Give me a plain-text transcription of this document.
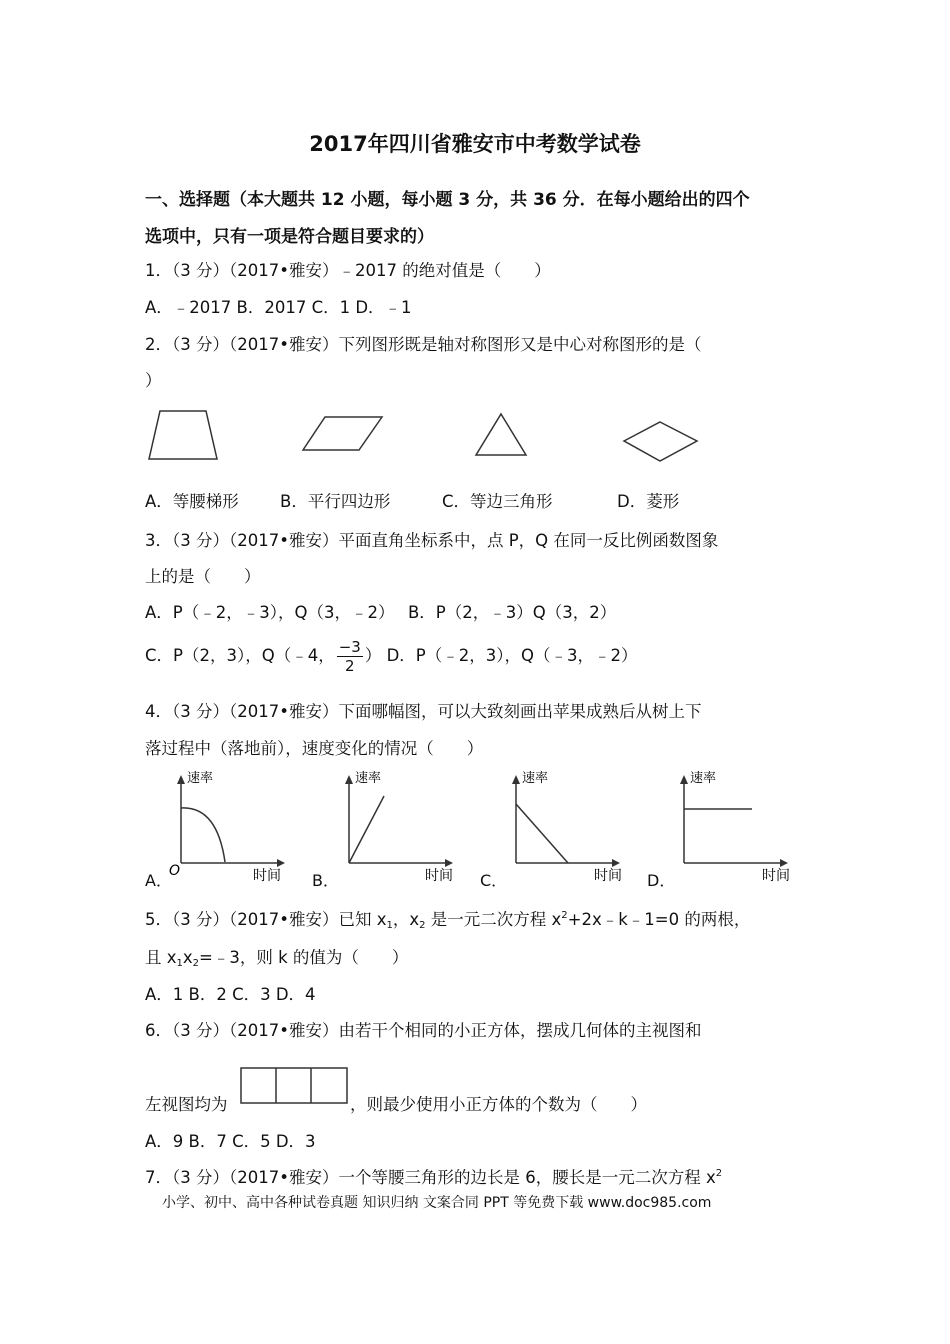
2017年四川省雅安市中考数学试卷
一、选择题（本大题共 12 小题，每小题 3 分，共 36 分．在每小题给出的四个
选项中，只有一项是符合题目要求的）
1．（3 分）（2017•雅安）﹣2017 的绝对值是（　　）
A．﹣2017 B．2017 C．1 D．﹣1
2．（3 分）（2017•雅安）下列图形既是轴对称图形又是中心对称图形的是（
）
A．等腰梯形 B．平行四边形	C．等边三角形	D．菱形
3．（3 分）（2017•雅安）平面直角坐标系中，点 P，Q 在同一反比例函数图象
上的是（　　）
A．P（﹣2，﹣3），Q（3，﹣2）　 B．P（2，﹣3）Q（3，2）
C．P（2，3），Q（﹣4， $\frac{-3}{2}$ ） D．P（﹣2，3），Q（﹣3，﹣2）
4．（3 分）（2017•雅安）下面哪幅图，可以大致刻画出苹果成熟后从树上下
落过程中（落地前），速度变化的情况（　　）
A．
速率
时间
O	B．
速率
时间 C．
速率
时间 D．
速率
时间
5．（3 分）（2017•雅安）已知 $x_1$，$x_2$ 是一元二次方程 $x^2+2x﹣k﹣1=0$ 的两根，
且 $x_1x_2=﹣3$，则 k 的值为（　　）
A．1 B．2 C．3 D．4
6．（3 分）（2017•雅安）由若干个相同的小正方体，摆成几何体的主视图和
左视图均为	，则最少使用小正方体的个数为（　　）
A．9 B．7 C．5 D．3
7．（3 分）（2017•雅安）一个等腰三角形的边长是 6，腰长是一元二次方程 $x^2$
小学、初中、高中各种试卷真题 知识归纳 文案合同 PPT 等免费下载 www.doc985.com
